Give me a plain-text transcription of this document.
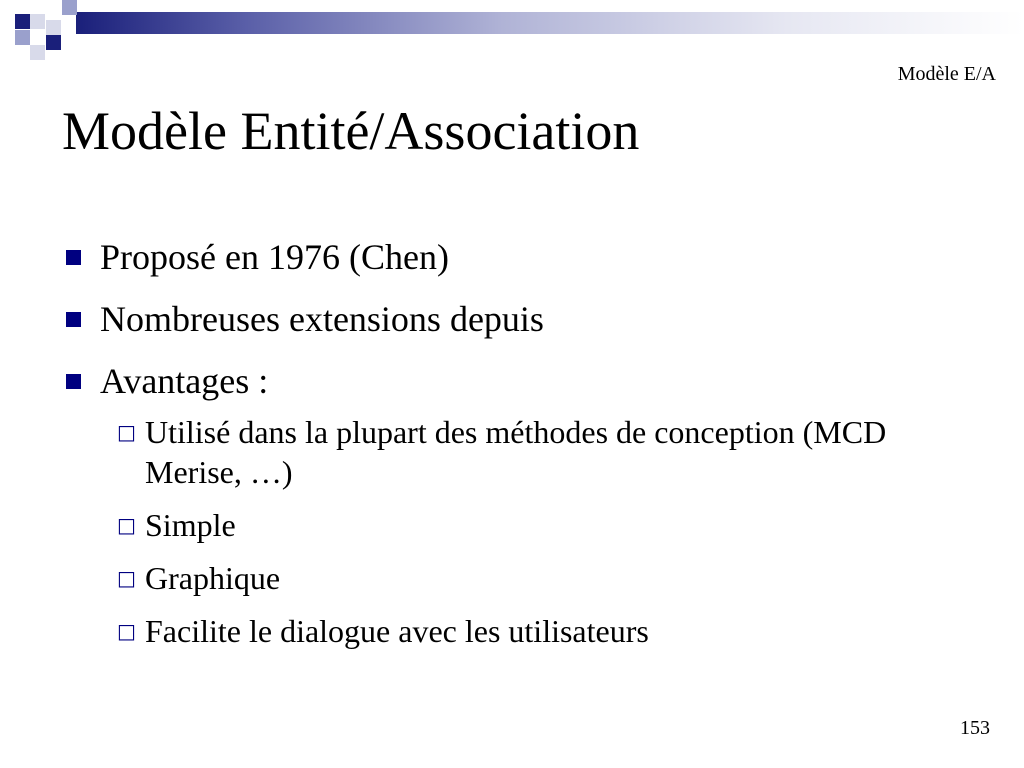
Modèle E/A
Modèle Entité/Association
Proposé en 1976 (Chen)
Nombreuses extensions depuis
Avantages :
□ Utilisé dans la plupart des méthodes de conception (MCD Merise, …)
□ Simple
□ Graphique
□ Facilite le dialogue avec les utilisateurs
153
